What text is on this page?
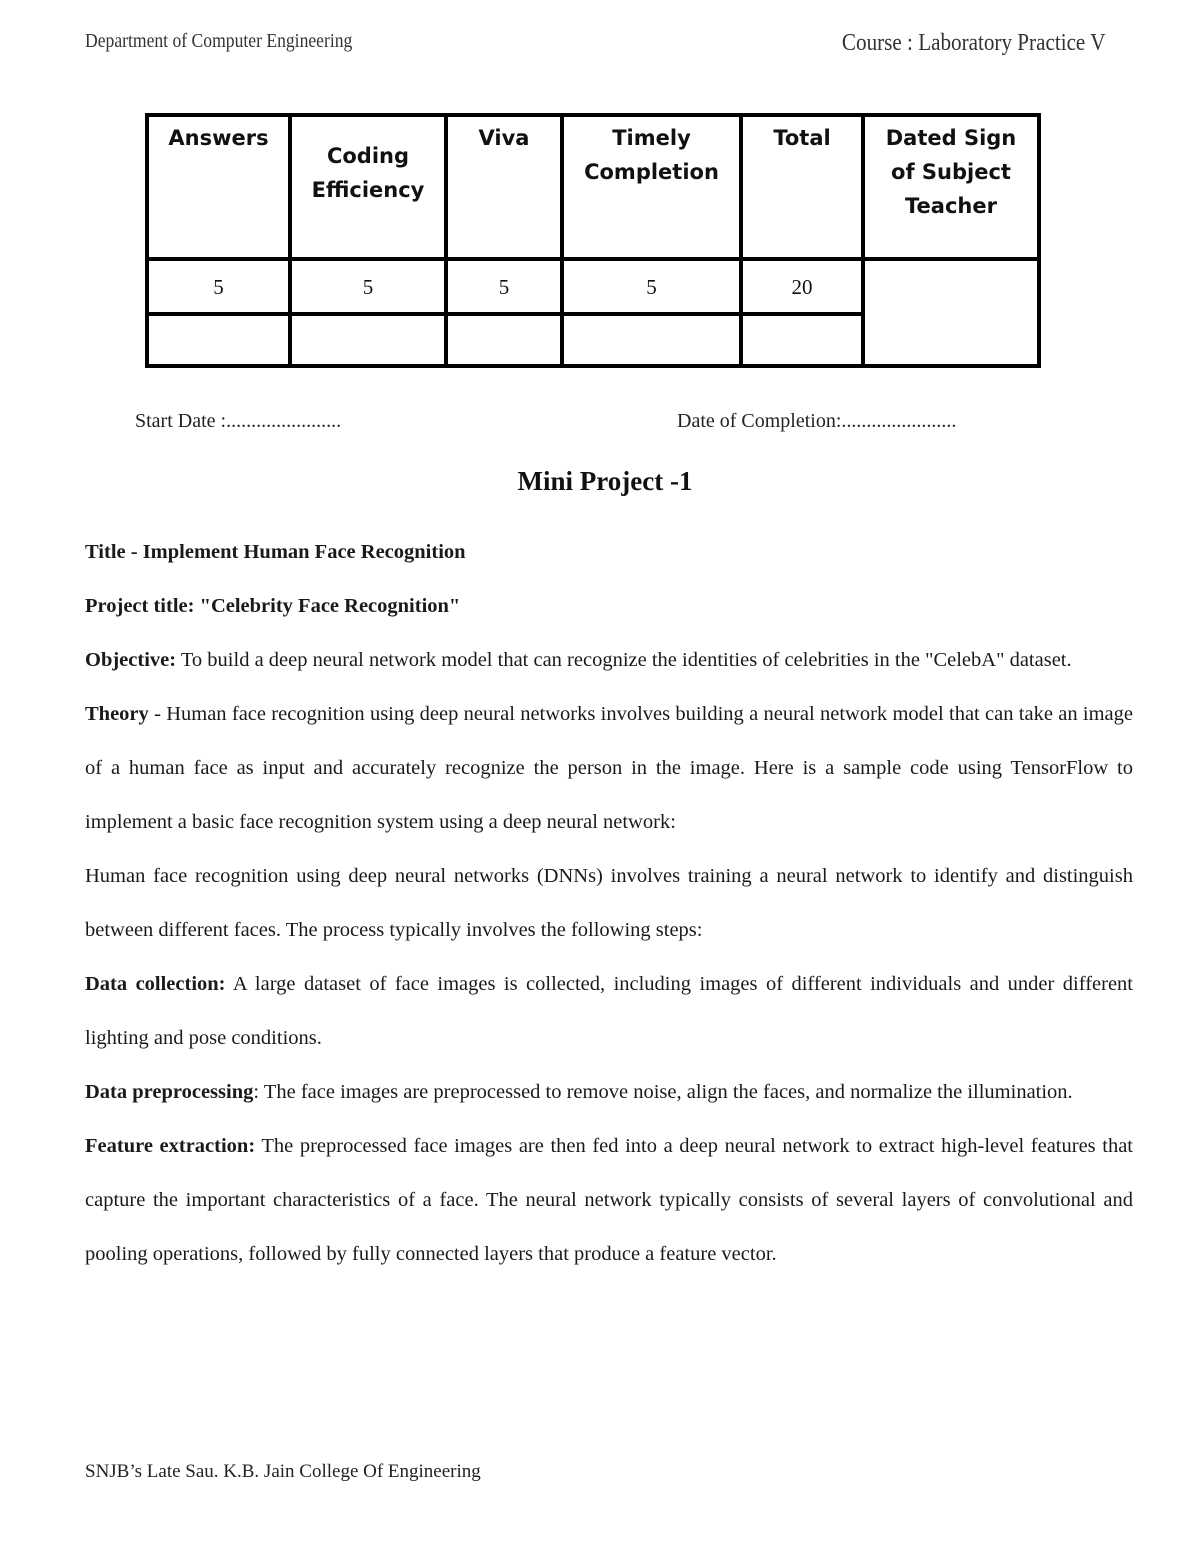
Department of Computer Engineering	Course : Laboratory Practice V
Answers	Coding Efficiency	Viva	Timely Completion	Total	Dated Sign of Subject Teacher
5	5	5	5	20	

Start Date :.......................	Date of Completion:.......................
Mini Project -1

Title - Implement Human Face Recognition

Project title: "Celebrity Face Recognition"

Objective: To build a deep neural network model that can recognize the identities of celebrities in the "CelebA" dataset.

Theory - Human face recognition using deep neural networks involves building a neural network model that can take an image of a human face as input and accurately recognize the person in the image. Here is a sample code using TensorFlow to implement a basic face recognition system using a deep neural network:

Human face recognition using deep neural networks (DNNs) involves training a neural network to identify and distinguish between different faces. The process typically involves the following steps:

Data collection: A large dataset of face images is collected, including images of different individuals and under different lighting and pose conditions.

Data preprocessing: The face images are preprocessed to remove noise, align the faces, and normalize the illumination.

Feature extraction: The preprocessed face images are then fed into a deep neural network to extract high-level features that capture the important characteristics of a face. The neural network typically consists of several layers of convolutional and pooling operations, followed by fully connected layers that produce a feature vector.

SNJB’s Late Sau. K.B. Jain College Of Engineering
